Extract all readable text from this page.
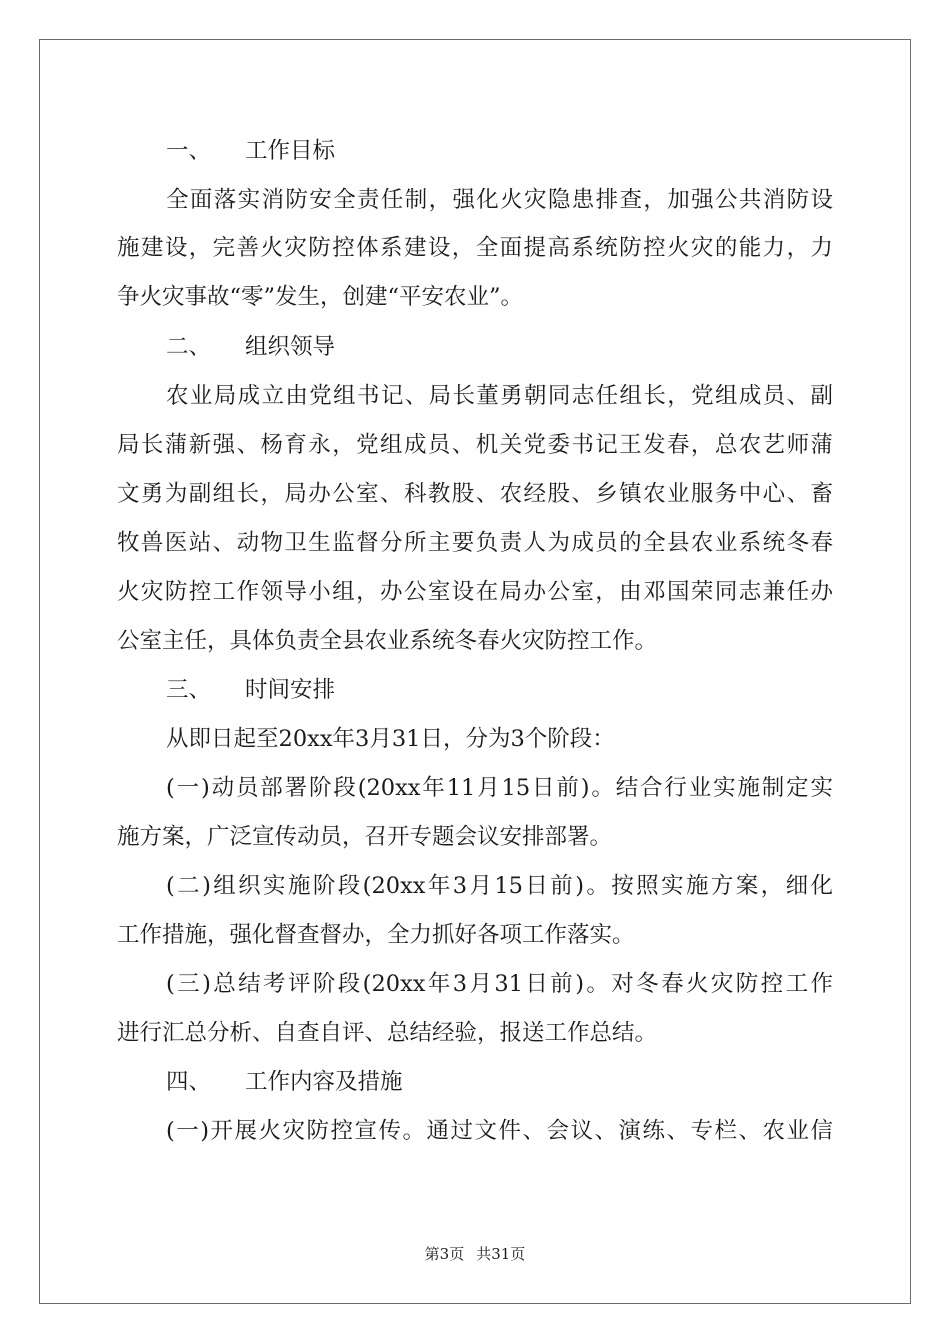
一、 工作目标
全面落实消防安全责任制，强化火灾隐患排查，加强公共消防设
施建设，完善火灾防控体系建设，全面提高系统防控火灾的能力，力
争火灾事故“零”发生，创建“平安农业”。
二、 组织领导
农业局成立由党组书记、局长董勇朝同志任组长，党组成员、副
局长蒲新强、杨育永，党组成员、机关党委书记王发春，总农艺师蒲
文勇为副组长，局办公室、科教股、农经股、乡镇农业服务中心、畜
牧兽医站、动物卫生监督分所主要负责人为成员的全县农业系统冬春
火灾防控工作领导小组，办公室设在局办公室，由邓国荣同志兼任办
公室主任，具体负责全县农业系统冬春火灾防控工作。
三、 时间安排
从即日起至20xx年3月31日，分为3个阶段：
(一)动员部署阶段(20xx年11月15日前)。结合行业实施制定实
施方案，广泛宣传动员，召开专题会议安排部署。
(二)组织实施阶段(20xx年3月15日前)。按照实施方案，细化
工作措施，强化督查督办，全力抓好各项工作落实。
(三)总结考评阶段(20xx年3月31日前)。对冬春火灾防控工作
进行汇总分析、自查自评、总结经验，报送工作总结。
四、 工作内容及措施
(一)开展火灾防控宣传。通过文件、会议、演练、专栏、农业信
第3页 共31页
